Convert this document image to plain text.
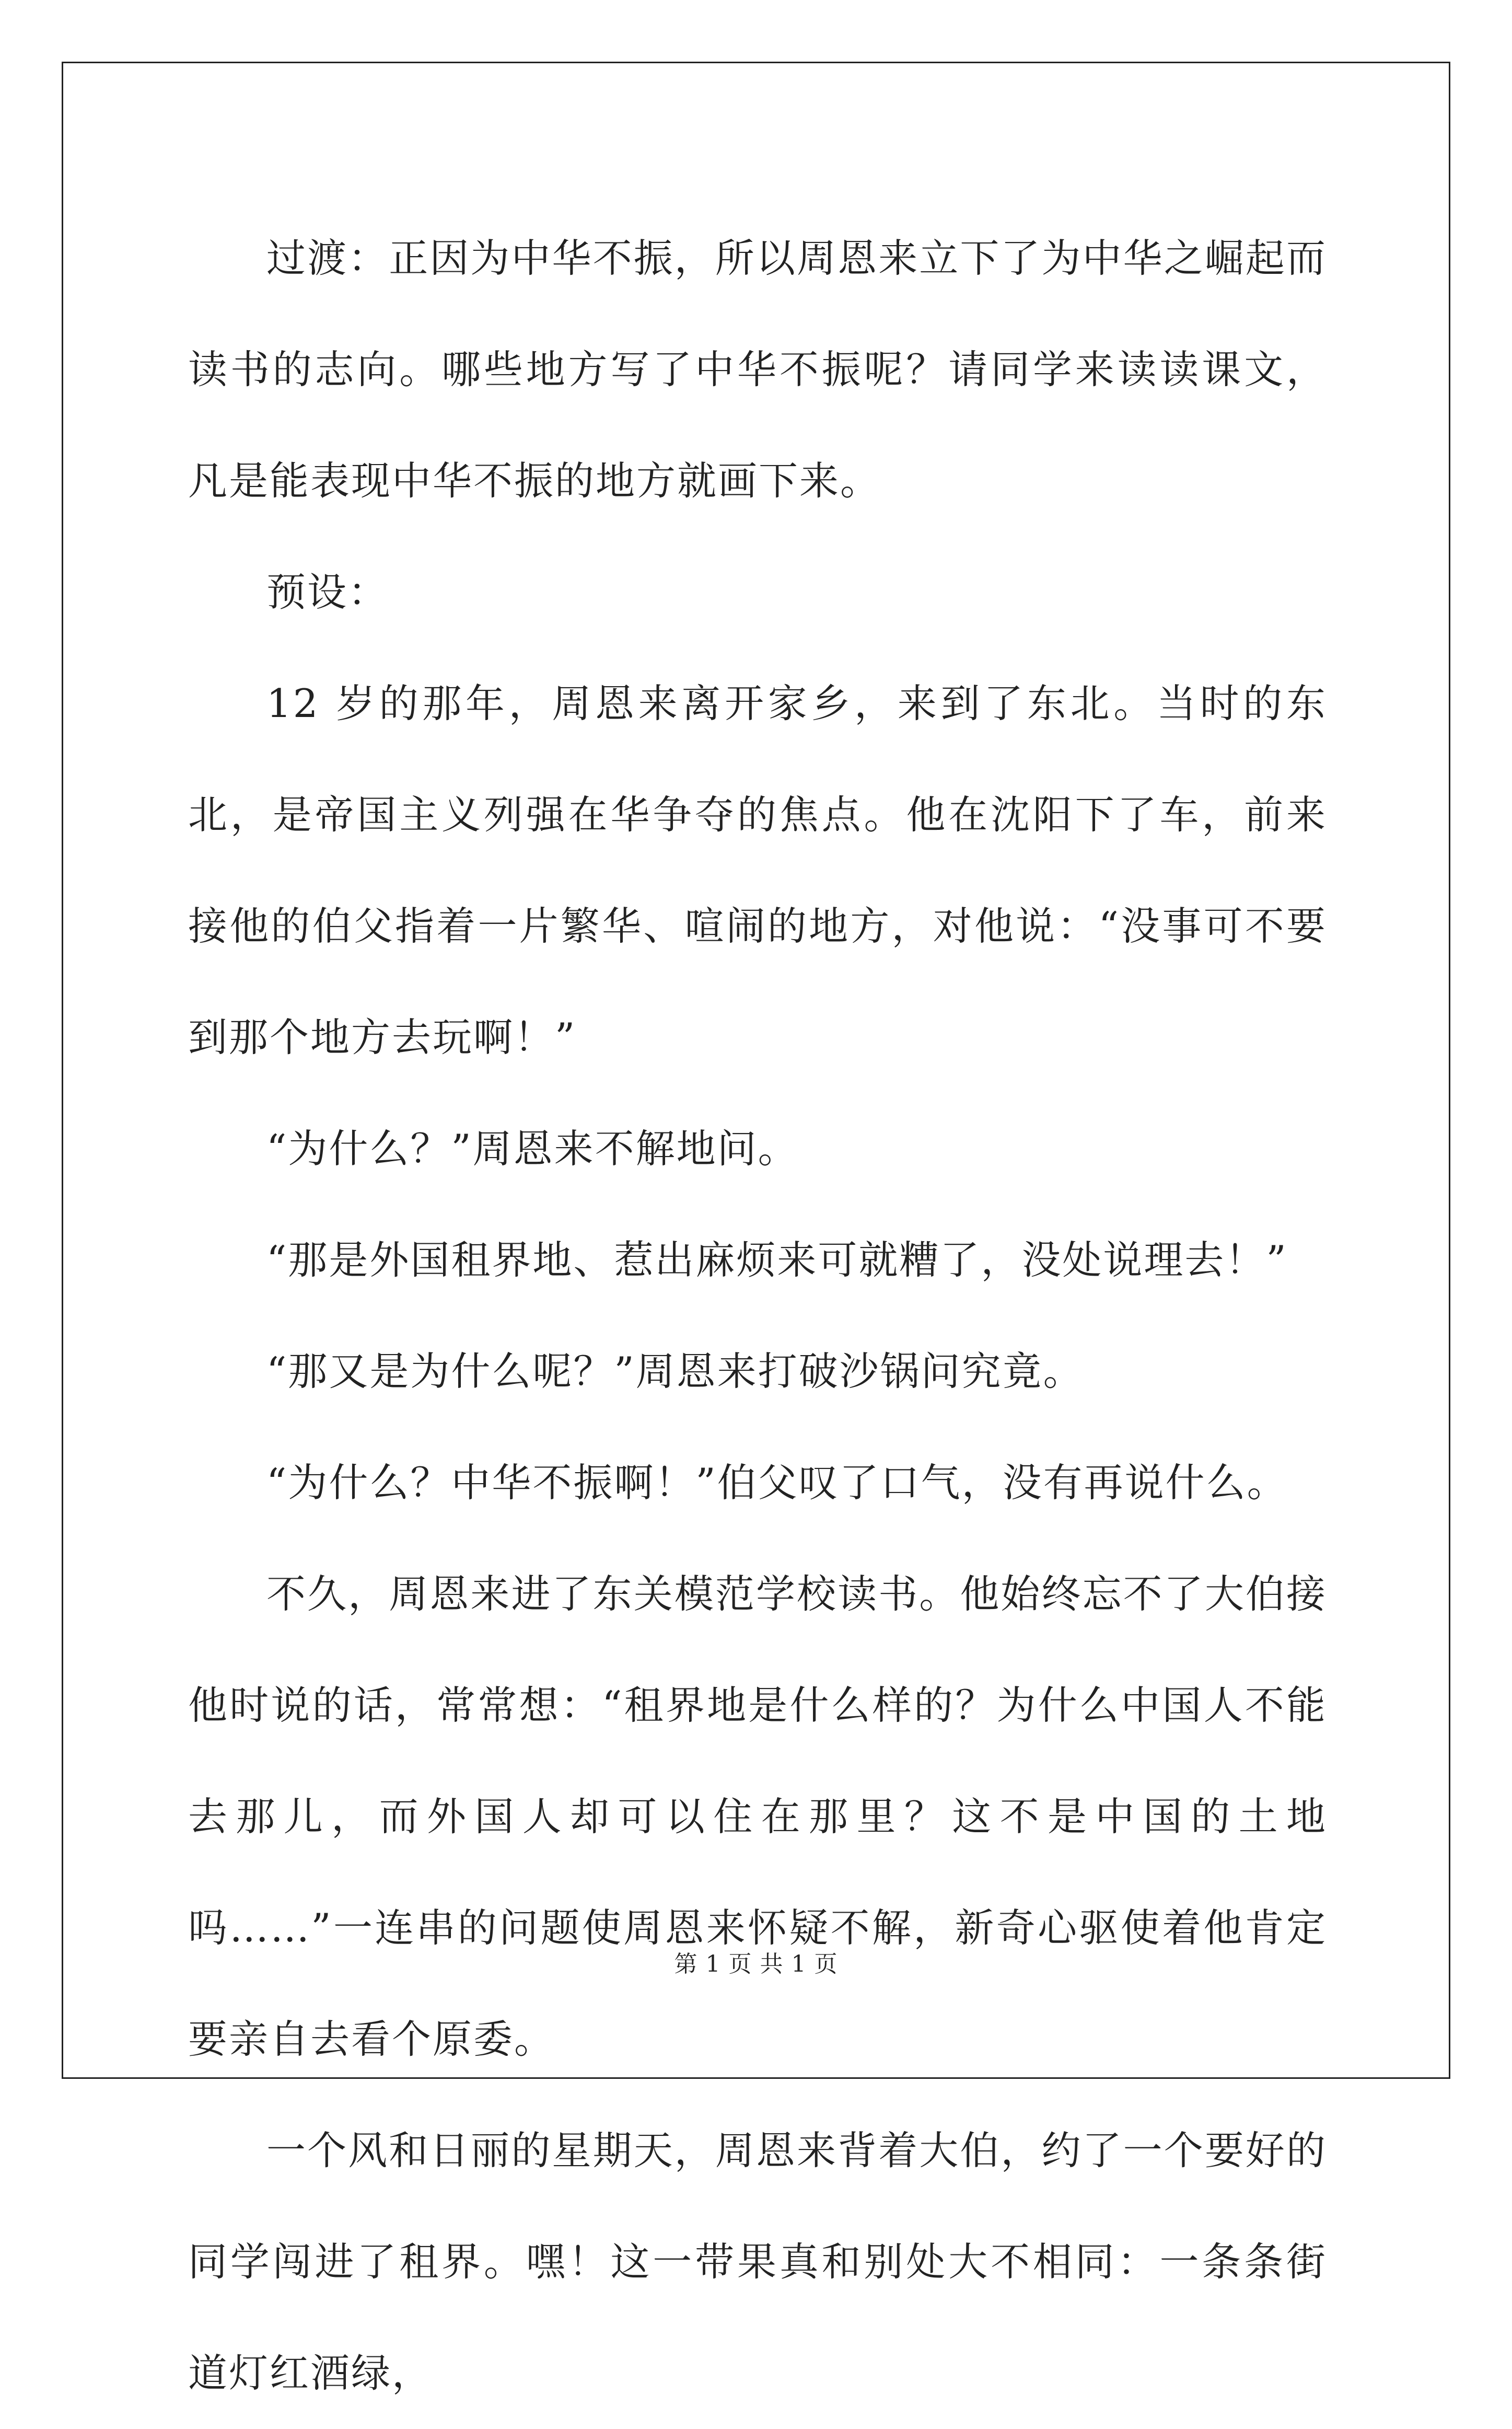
过渡：正因为中华不振，所以周恩来立下了为中华之崛起而读书的志向。哪些地方写了中华不振呢？请同学来读读课文，凡是能表现中华不振的地方就画下来。

预设：

12 岁的那年，周恩来离开家乡，来到了东北。当时的东北，是帝国主义列强在华争夺的焦点。他在沈阳下了车，前来接他的伯父指着一片繁华、喧闹的地方，对他说：“没事可不要到那个地方去玩啊！”

“为什么？”周恩来不解地问。

“那是外国租界地、惹出麻烦来可就糟了，没处说理去！”

“那又是为什么呢？”周恩来打破沙锅问究竟。

“为什么？中华不振啊！”伯父叹了口气，没有再说什么。

不久，周恩来进了东关模范学校读书。他始终忘不了大伯接他时说的话，常常想：“租界地是什么样的？为什么中国人不能去那儿，而外国人却可以住在那里？这不是中国的土地吗……”一连串的问题使周恩来怀疑不解，新奇心驱使着他肯定要亲自去看个原委。

一个风和日丽的星期天，周恩来背着大伯，约了一个要好的同学闯进了租界。嘿！这一带果真和别处大不相同：一条条街道灯红酒绿，

第 1 页 共 1 页
